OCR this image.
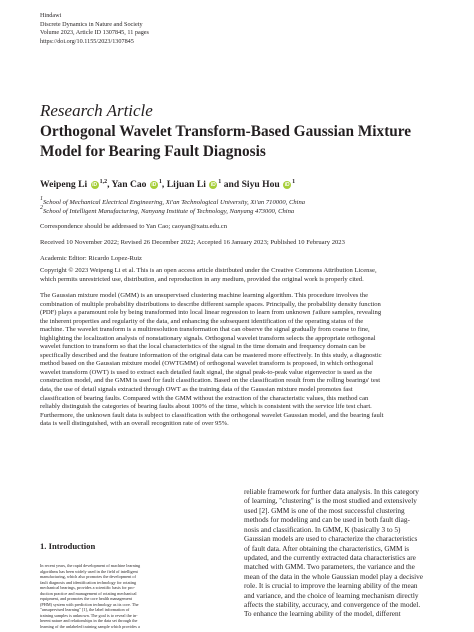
Hindawi
Discrete Dynamics in Nature and Society
Volume 2023, Article ID 1307845, 11 pages
https://doi.org/10.1155/2023/1307845
Research Article
Orthogonal Wavelet Transform-Based Gaussian Mixture
Model for Bearing Fault Diagnosis
Weipeng Li iD $^{1,2}$, Yan Cao iD $^1$, Lijuan Li iD $^1$ and Siyu Hou iD $^1$
$^1$School of Mechanical Electrical Engineering, Xi'an Technological University, Xi'an 710000, China
$^2$School of Intelligent Manufacturing, Nanyang Institute of Technology, Nanyang 473000, China
Correspondence should be addressed to Yan Cao; caoyan@xatu.edu.cn
Received 10 November 2022; Revised 26 December 2022; Accepted 16 January 2023; Published 10 February 2023
Academic Editor: Ricardo Lopez-Ruiz
Copyright © 2023 Weipeng Li et al. This is an open access article distributed under the Creative Commons Attribution License,
which permits unrestricted use, distribution, and reproduction in any medium, provided the original work is properly cited.
The Gaussian mixture model (GMM) is an unsupervised clustering machine learning algorithm. This procedure involves the
combination of multiple probability distributions to describe different sample spaces. Principally, the probability density function
(PDF) plays a paramount role by being transformed into local linear regression to learn from unknown ƒailure samples, revealing
the inherent properties and regularity of the data, and enhancing the subsequent identification of the operating status of the
machine. The wavelet transform is a multiresolution transformation that can observe the signal gradually from coarse to fine,
highlighting the localization analysis of nonstationary signals. Orthogonal wavelet transform selects the appropriate orthogonal
wavelet function to transform so that the local characteristics of the signal in the time domain and frequency domain can be
specifically described and the feature information of the original data can be mastered more effectively. In this study, a diagnostic
method based on the Gaussian mixture model (OWTGMM) of orthogonal wavelet transform is proposed, in which orthogonal
wavelet transform (OWT) is used to extract each detailed fault signal, the signal peak-to-peak value eigenvector is used as the
construction model, and the GMM is used for fault classification. Based on the classification result from the rolling bearings' test
data, the use of detail signals extracted through OWT as the training data of the Gaussian mixture model promotes fast
classification of bearing faults. Compared with the GMM without the extraction of the characteristic values, this method can
reliably distinguish the categories of bearing faults about 100% of the time, which is consistent with the service life test chart.
Furthermore, the unknown fault data is subject to classification with the orthogonal wavelet Gaussian model, and the bearing fault
data is well distinguished, with an overall recognition rate of over 95%.
1. Introduction
In recent years, the rapid development of machine learning
algorithms has been widely used in the field of intelligent
manufacturing, which also promotes the development of
fault diagnosis and identification technology for rotating
mechanical bearings, provides a scientific basis for pro-
duction practice and management of rotating mechanical
equipment, and promotes the core health management
(PHM) system with prediction technology as its core. The
"unsupervised learning" [1], the label information of
training samples is unknown. The goal is to reveal the in-
herent nature and relationships in the data set through the
learning of the unlabeled training sample which provides a
reliable framework for further data analysis. In this category
of learning, "clustering" is the most studied and extensively
used [2]. GMM is one of the most successful clustering
methods for modeling and can be used in both fault diag-
nosis and classification. In GMM, K (basically 3 to 5)
Gaussian models are used to characterize the characteristics
of fault data. After obtaining the characteristics, GMM is
updated, and the currently extracted data characteristics are
matched with GMM. Two parameters, the variance and the
mean of the data in the whole Gaussian model play a decisive
role. It is crucial to improve the learning ability of the mean
and variance, and the choice of learning mechanism directly
affects the stability, accuracy, and convergence of the model.
To enhance the learning ability of the model, different
